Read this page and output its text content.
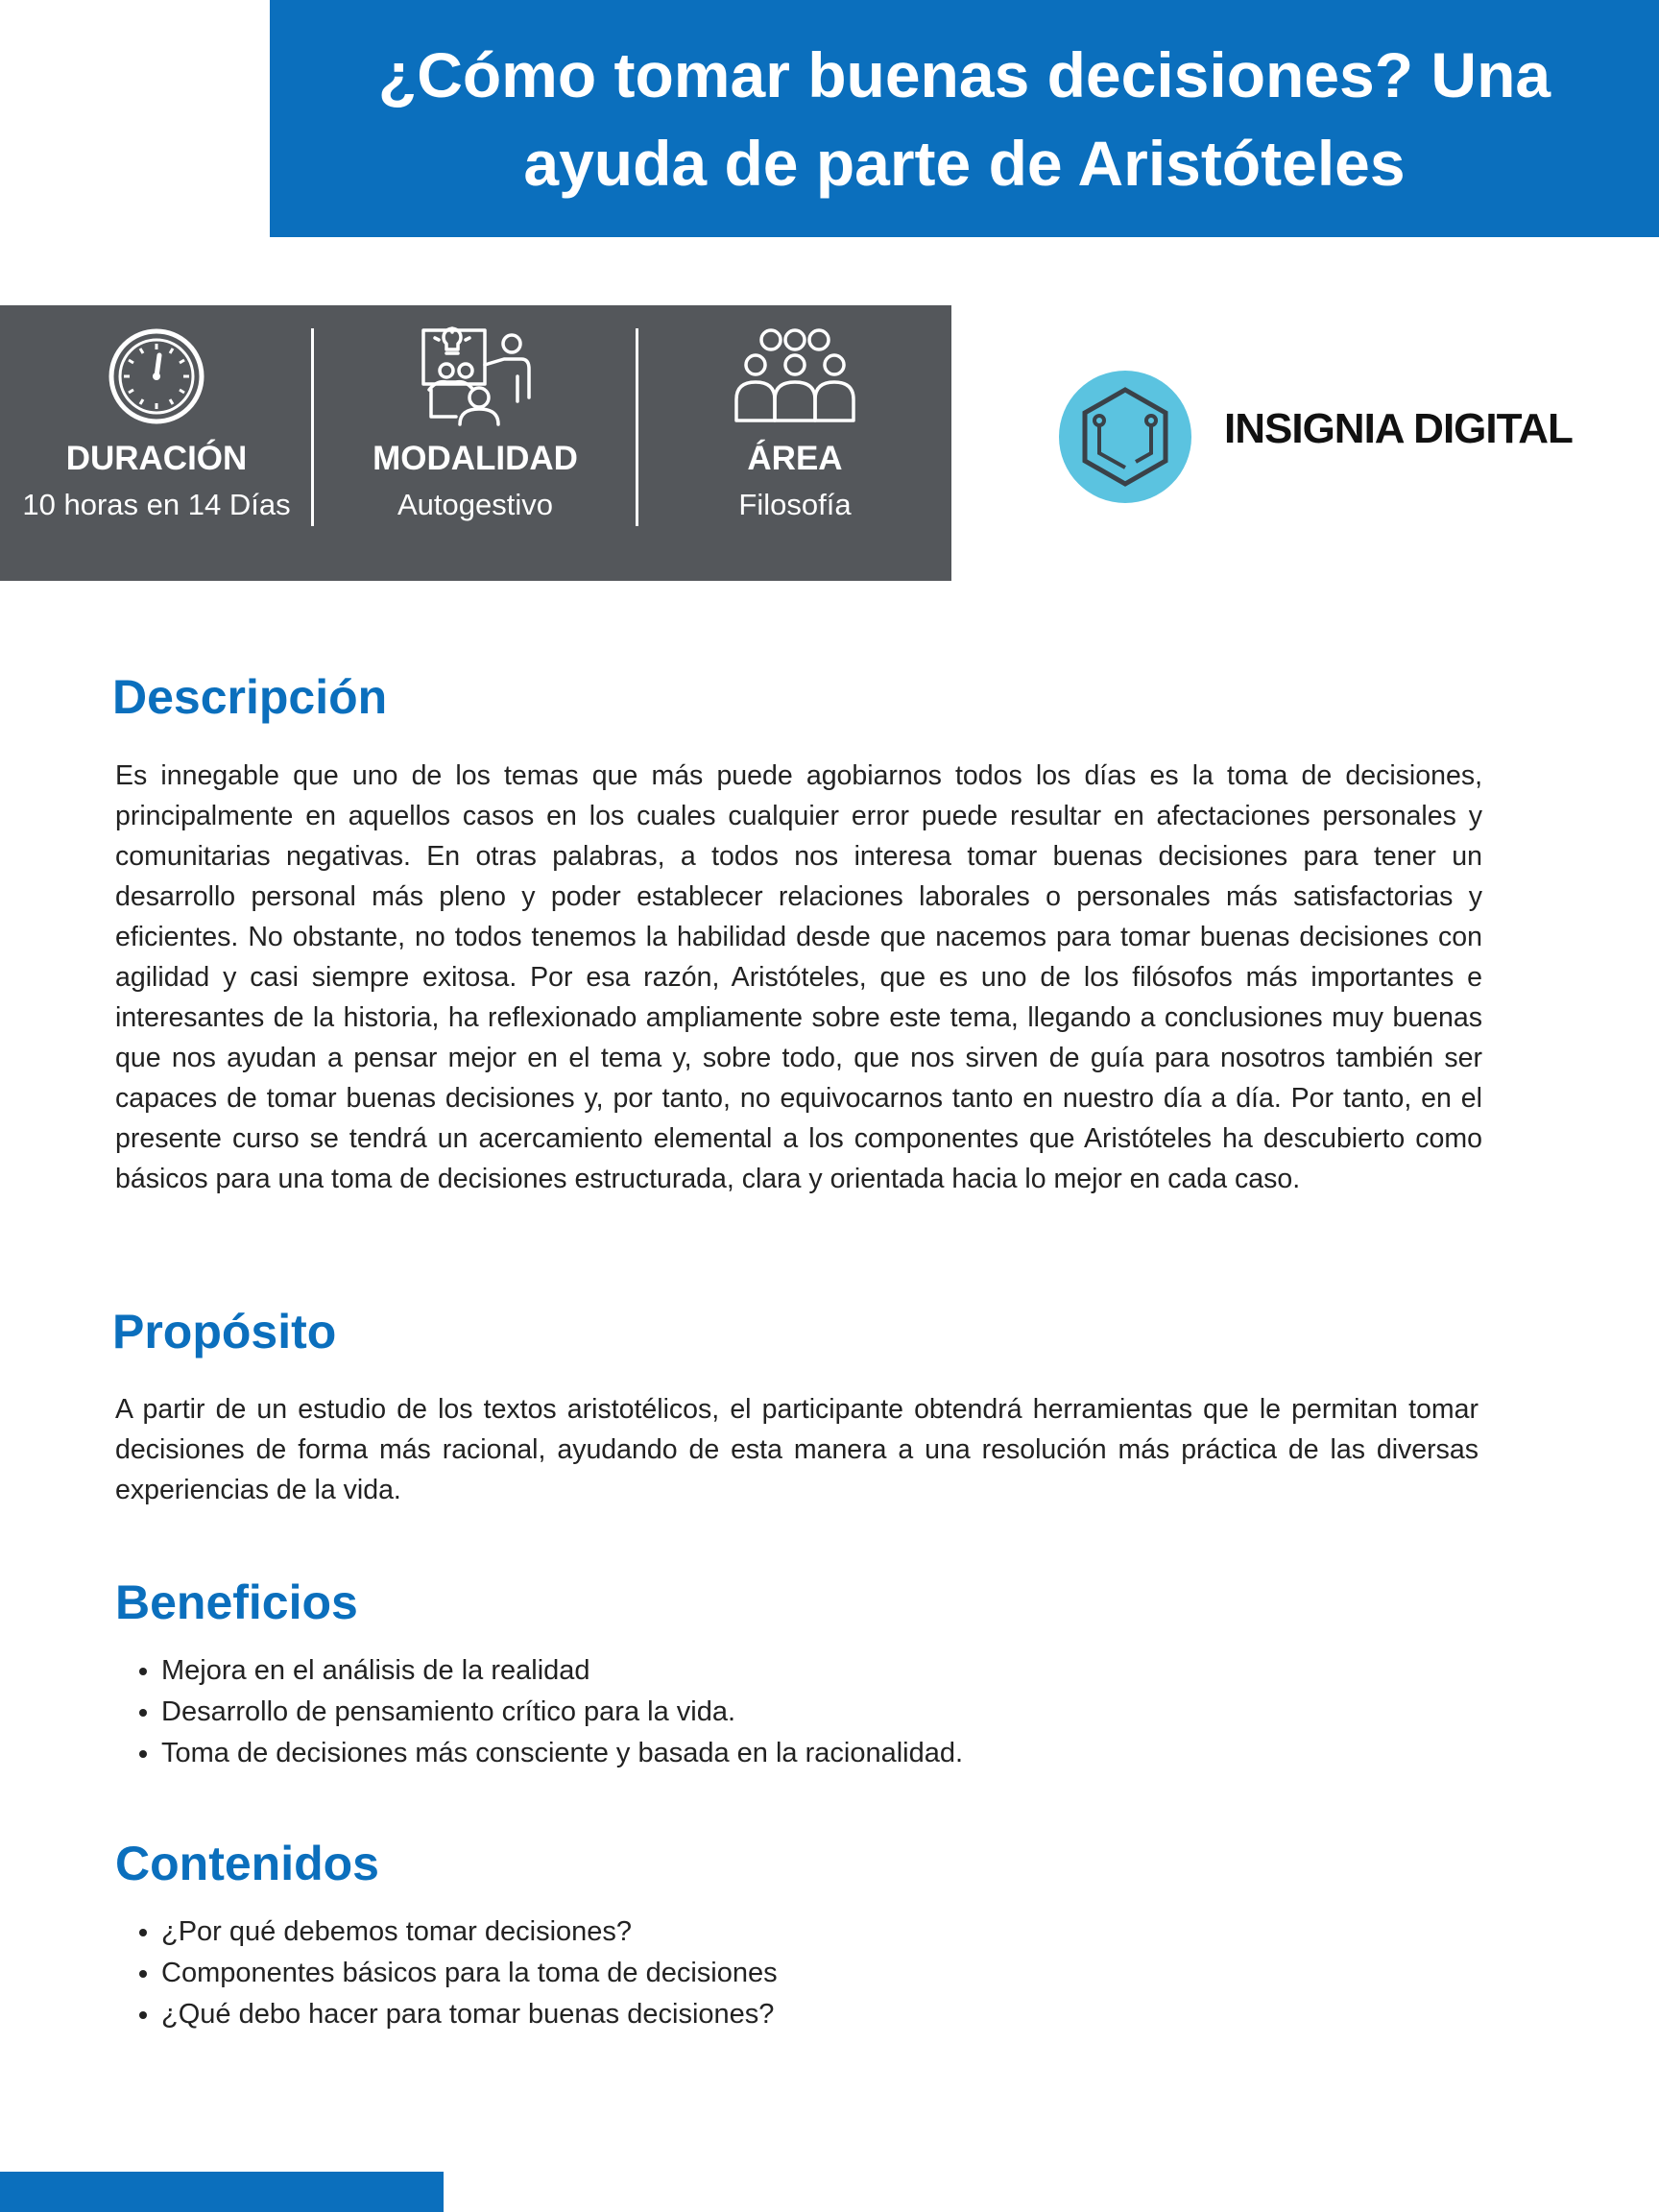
¿Cómo tomar buenas decisiones? Una ayuda de parte de Aristóteles
DURACIÓN
10 horas en 14 Días
MODALIDAD
Autogestivo
ÁREA
Filosofía
INSIGNIA DIGITAL
Descripción
Es innegable que uno de los temas que más puede agobiarnos todos los días es la toma de decisiones, principalmente en aquellos casos en los cuales cualquier error puede resultar en afectaciones personales y comunitarias negativas. En otras palabras, a todos nos interesa tomar buenas decisiones para tener un desarrollo personal más pleno y poder establecer relaciones laborales o personales más satisfactorias y eficientes. No obstante, no todos tenemos la habilidad desde que nacemos para tomar buenas decisiones con agilidad y casi siempre exitosa. Por esa razón, Aristóteles, que es uno de los filósofos más importantes e interesantes de la historia, ha reflexionado ampliamente sobre este tema, llegando a conclusiones muy buenas que nos ayudan a pensar mejor en el tema y, sobre todo, que nos sirven de guía para nosotros también ser capaces de tomar buenas decisiones y, por tanto, no equivocarnos tanto en nuestro día a día. Por tanto, en el presente curso se tendrá un acercamiento elemental a los componentes que Aristóteles ha descubierto como básicos para una toma de decisiones estructurada, clara y orientada hacia lo mejor en cada caso.
Propósito
A partir de un estudio de los textos aristotélicos, el participante obtendrá herramientas que le permitan tomar decisiones de forma más racional, ayudando de esta manera a una resolución más práctica de las diversas experiencias de la vida.
Beneficios
• Mejora en el análisis de la realidad
• Desarrollo de pensamiento crítico para la vida.
• Toma de decisiones más consciente y basada en la racionalidad.
Contenidos
• ¿Por qué debemos tomar decisiones?
• Componentes básicos para la toma de decisiones
• ¿Qué debo hacer para tomar buenas decisiones?
